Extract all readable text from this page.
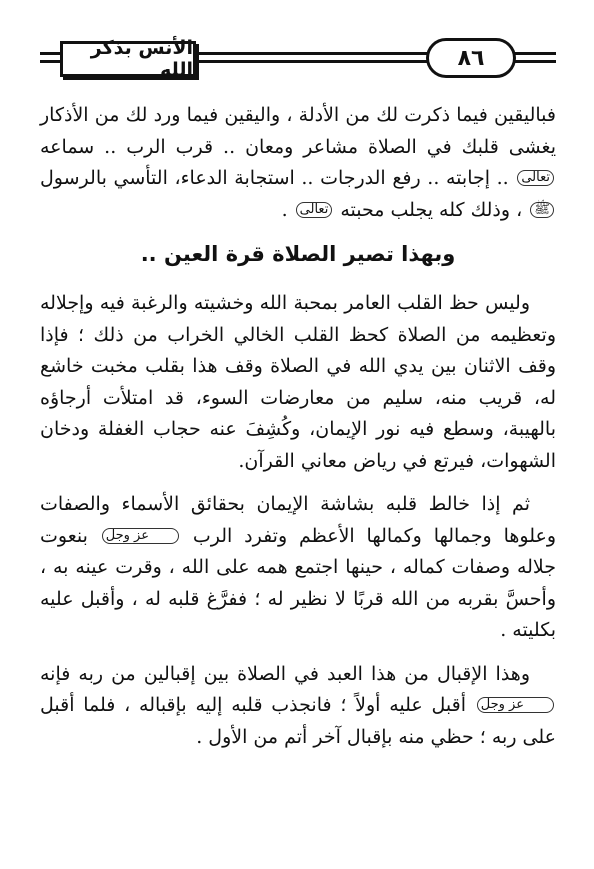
الأنس بذكر الله	٨٦

فباليقين فيما ذكرت لك من الأدلة ، واليقين فيما ورد لك من الأذكار يغشى قلبك في الصلاة مشاعر ومعان .. قرب الرب .. سماعه تعالى .. إجابته .. رفع الدرجات .. استجابة الدعاء، التأسي بالرسول ﷺ ، وذلك كله يجلب محبته تعالى .

وبهذا تصير الصلاة قرة العين ..

وليس حظ القلب العامر بمحبة الله وخشيته والرغبة فيه وإجلاله وتعظيمه من الصلاة كحظ القلب الخالي الخراب من ذلك ؛ فإذا وقف الاثنان بين يدي الله في الصلاة وقف هذا بقلب مخبت خاشع له، قريب منه، سليم من معارضات السوء، قد امتلأت أرجاؤه بالهيبة، وسطع فيه نور الإيمان، وكُشِفَ عنه حجاب الغفلة ودخان الشهوات، فيرتع في رياض معاني القرآن.

ثم إذا خالط قلبه بشاشة الإيمان بحقائق الأسماء والصفات وعلوها وجمالها وكمالها الأعظم وتفرد الرب عز وجل بنعوت جلاله وصفات كماله ، حينها اجتمع همه على الله ، وقرت عينه به ، وأحسَّ بقربه من الله قربًا لا نظير له ؛ ففرَّغ قلبه له ، وأقبل عليه بكليته .

وهذا الإقبال من هذا العبد في الصلاة بين إقبالين من ربه فإنه عز وجل أقبل عليه أولاً ؛ فانجذب قلبه إليه بإقباله ، فلما أقبل على ربه ؛ حظي منه بإقبال آخر أتم من الأول .
